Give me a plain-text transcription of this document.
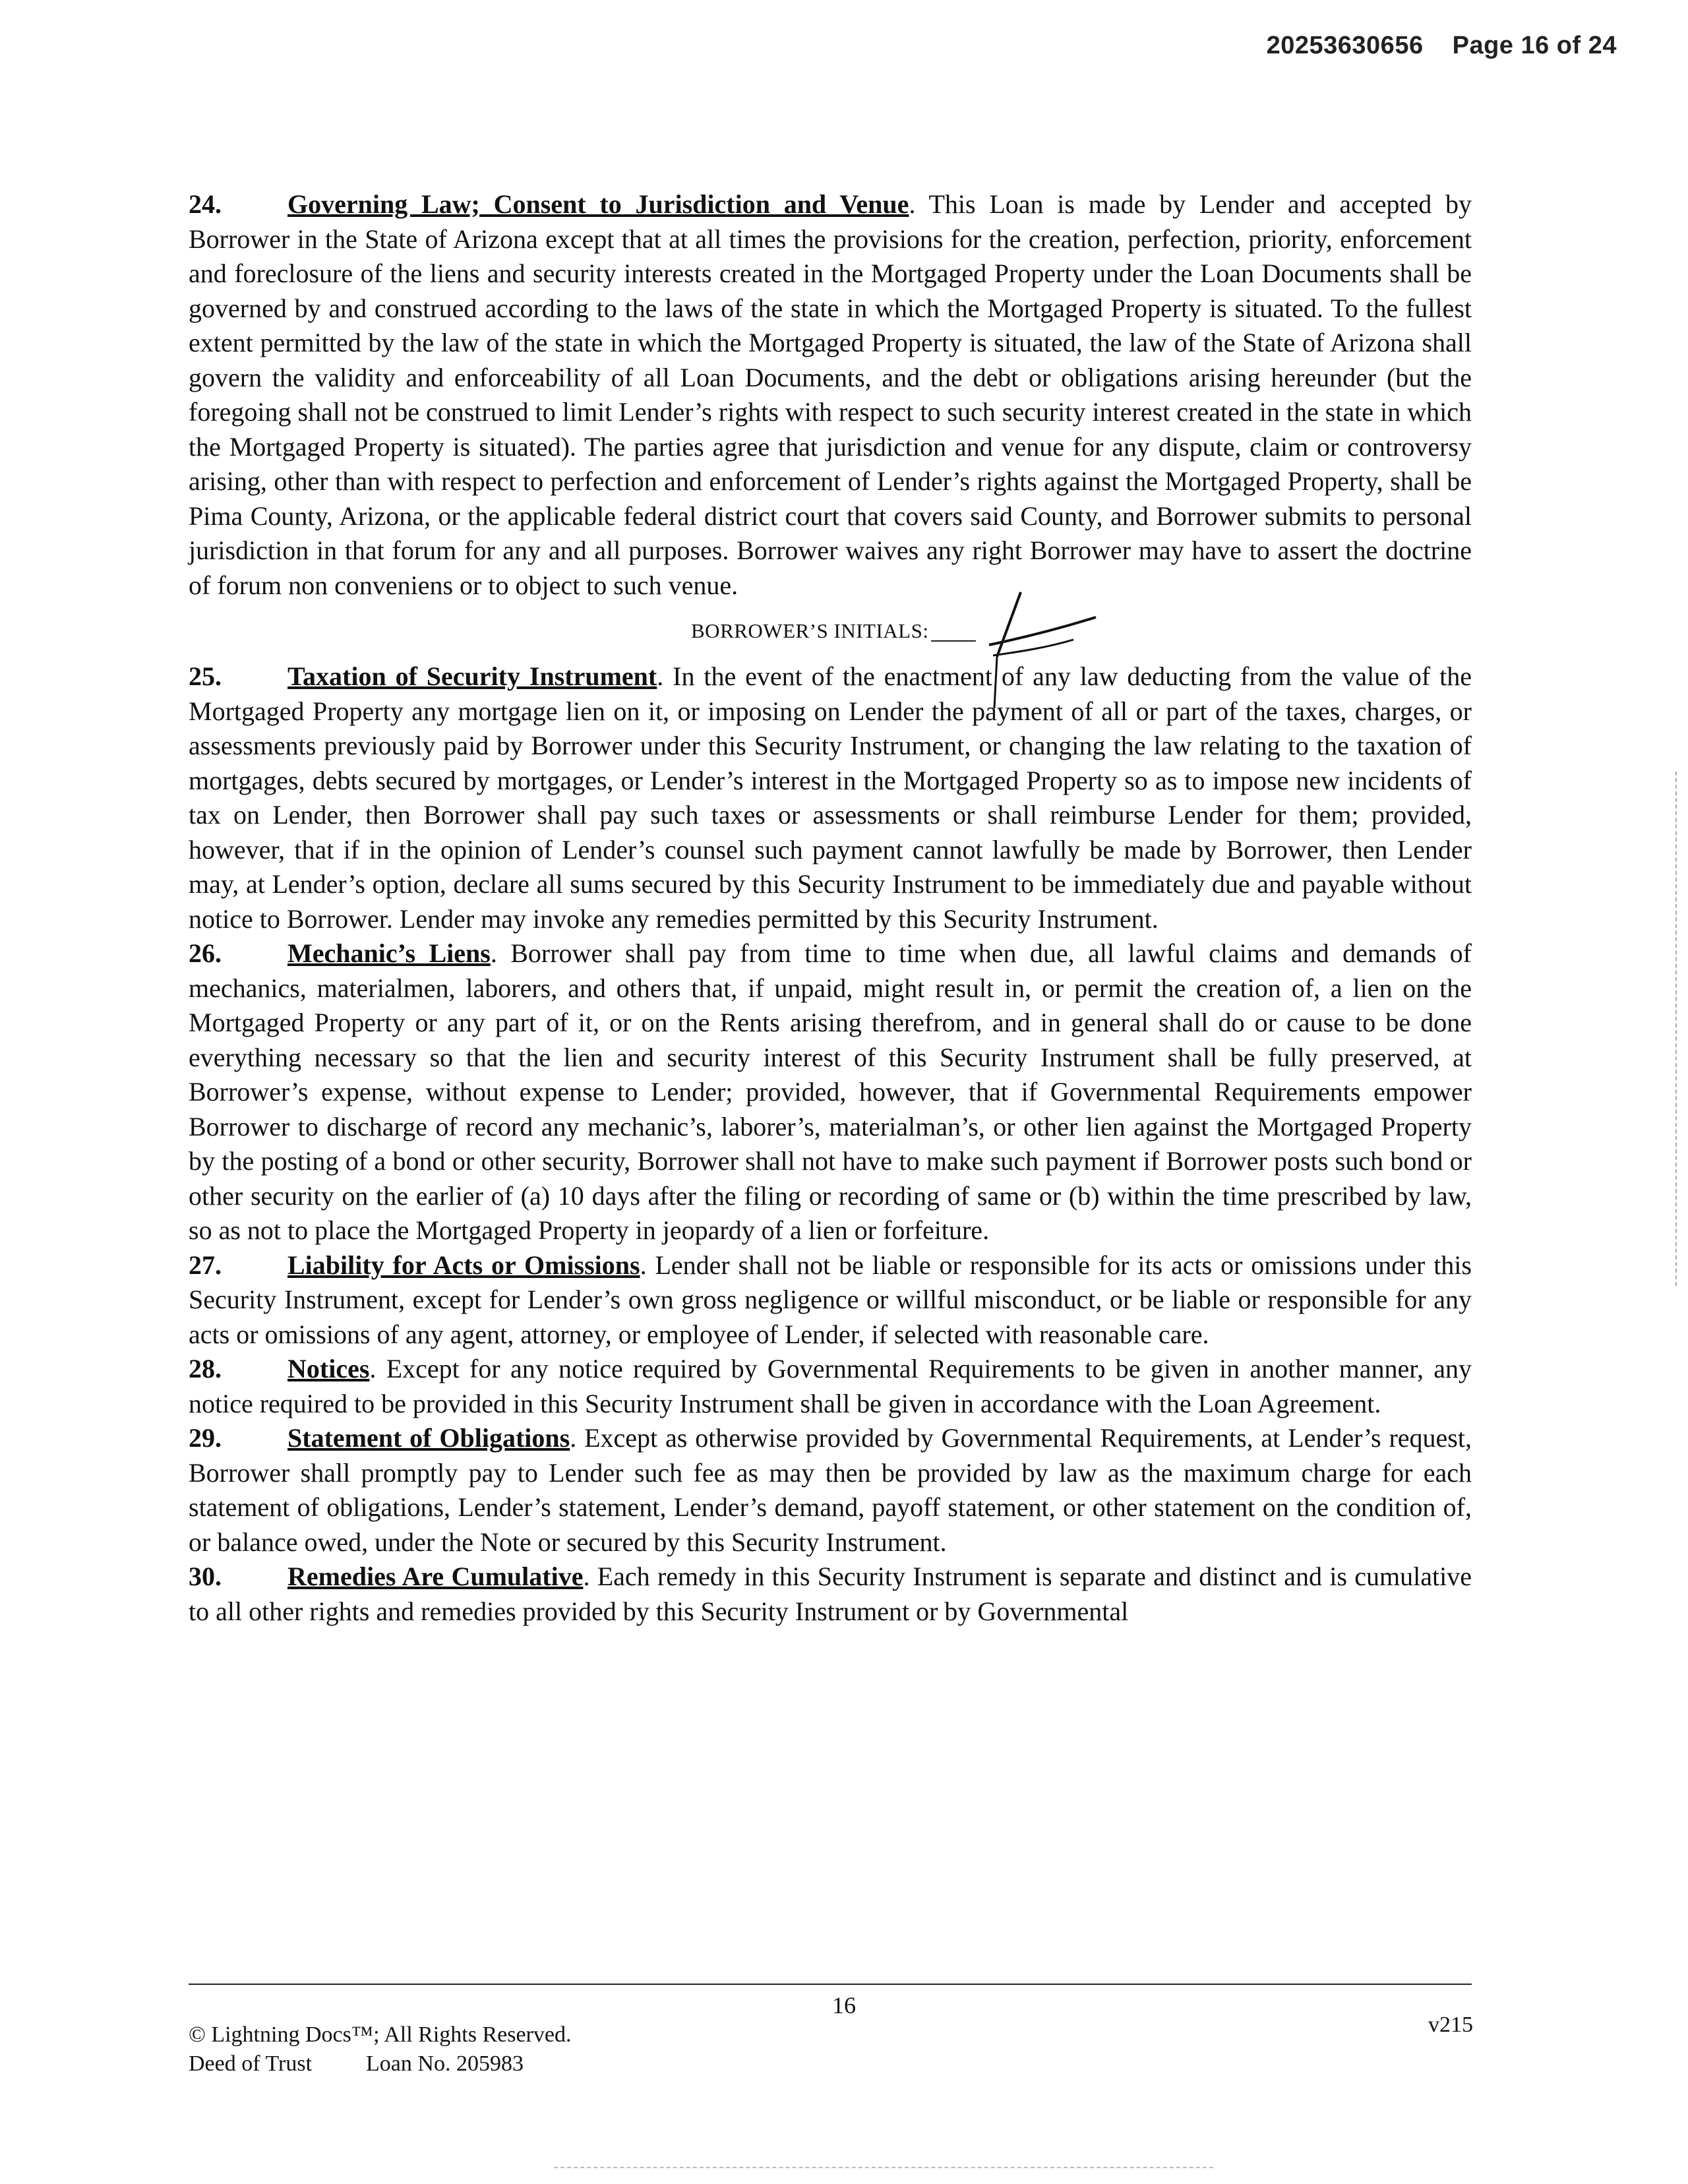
20253630656 Page 16 of 24

24.	Governing Law; Consent to Jurisdiction and Venue. This Loan is made by Lender and accepted by Borrower in the State of Arizona except that at all times the provisions for the creation, perfection, priority, enforcement and foreclosure of the liens and security interests created in the Mortgaged Property under the Loan Documents shall be governed by and construed according to the laws of the state in which the Mortgaged Property is situated. To the fullest extent permitted by the law of the state in which the Mortgaged Property is situated, the law of the State of Arizona shall govern the validity and enforceability of all Loan Documents, and the debt or obligations arising hereunder (but the foregoing shall not be construed to limit Lender’s rights with respect to such security interest created in the state in which the Mortgaged Property is situated). The parties agree that jurisdiction and venue for any dispute, claim or controversy arising, other than with respect to perfection and enforcement of Lender’s rights against the Mortgaged Property, shall be Pima County, Arizona, or the applicable federal district court that covers said County, and Borrower submits to personal jurisdiction in that forum for any and all purposes. Borrower waives any right Borrower may have to assert the doctrine of forum non conveniens or to object to such venue.

BORROWER’S INITIALS:

25.	Taxation of Security Instrument. In the event of the enactment of any law deducting from the value of the Mortgaged Property any mortgage lien on it, or imposing on Lender the payment of all or part of the taxes, charges, or assessments previously paid by Borrower under this Security Instrument, or changing the law relating to the taxation of mortgages, debts secured by mortgages, or Lender’s interest in the Mortgaged Property so as to impose new incidents of tax on Lender, then Borrower shall pay such taxes or assessments or shall reimburse Lender for them; provided, however, that if in the opinion of Lender’s counsel such payment cannot lawfully be made by Borrower, then Lender may, at Lender’s option, declare all sums secured by this Security Instrument to be immediately due and payable without notice to Borrower. Lender may invoke any remedies permitted by this Security Instrument.

26.	Mechanic’s Liens. Borrower shall pay from time to time when due, all lawful claims and demands of mechanics, materialmen, laborers, and others that, if unpaid, might result in, or permit the creation of, a lien on the Mortgaged Property or any part of it, or on the Rents arising therefrom, and in general shall do or cause to be done everything necessary so that the lien and security interest of this Security Instrument shall be fully preserved, at Borrower’s expense, without expense to Lender; provided, however, that if Governmental Requirements empower Borrower to discharge of record any mechanic’s, laborer’s, materialman’s, or other lien against the Mortgaged Property by the posting of a bond or other security, Borrower shall not have to make such payment if Borrower posts such bond or other security on the earlier of (a) 10 days after the filing or recording of same or (b) within the time prescribed by law, so as not to place the Mortgaged Property in jeopardy of a lien or forfeiture.

27.	Liability for Acts or Omissions. Lender shall not be liable or responsible for its acts or omissions under this Security Instrument, except for Lender’s own gross negligence or willful misconduct, or be liable or responsible for any acts or omissions of any agent, attorney, or employee of Lender, if selected with reasonable care.

28.	Notices. Except for any notice required by Governmental Requirements to be given in another manner, any notice required to be provided in this Security Instrument shall be given in accordance with the Loan Agreement.

29.	Statement of Obligations. Except as otherwise provided by Governmental Requirements, at Lender’s request, Borrower shall promptly pay to Lender such fee as may then be provided by law as the maximum charge for each statement of obligations, Lender’s statement, Lender’s demand, payoff statement, or other statement on the condition of, or balance owed, under the Note or secured by this Security Instrument.

30.	Remedies Are Cumulative. Each remedy in this Security Instrument is separate and distinct and is cumulative to all other rights and remedies provided by this Security Instrument or by Governmental

16
© Lightning Docs™; All Rights Reserved.
Deed of Trust Loan No. 205983
v215
